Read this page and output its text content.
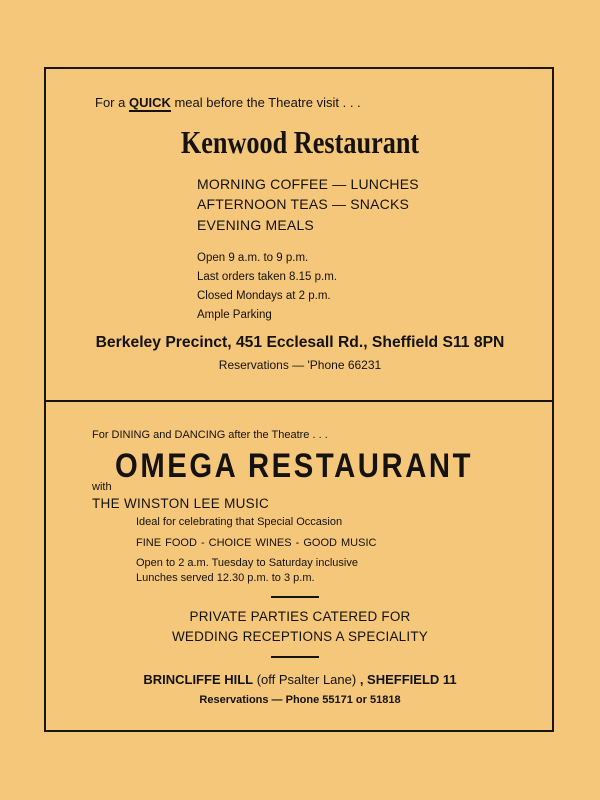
For a QUICK meal before the Theatre visit . . .
Kenwood Restaurant
MORNING COFFEE — LUNCHES
AFTERNOON TEAS — SNACKS
EVENING MEALS
Open 9 a.m. to 9 p.m.
Last orders taken 8.15 p.m.
Closed Mondays at 2 p.m.
Ample Parking
Berkeley Precinct, 451 Ecclesall Rd., Sheffield S11 8PN
Reservations — 'Phone 66231
For DINING and DANCING after the Theatre . . .
OMEGA RESTAURANT
with
THE WINSTON LEE MUSIC
Ideal for celebrating that Special Occasion
FINE FOOD - CHOICE WINES - GOOD MUSIC
Open to 2 a.m. Tuesday to Saturday inclusive
Lunches served 12.30 p.m. to 3 p.m.
PRIVATE PARTIES CATERED FOR
WEDDING RECEPTIONS A SPECIALITY
BRINCLIFFE HILL (off Psalter Lane) , SHEFFIELD 11
Reservations — Phone 55171 or 51818
